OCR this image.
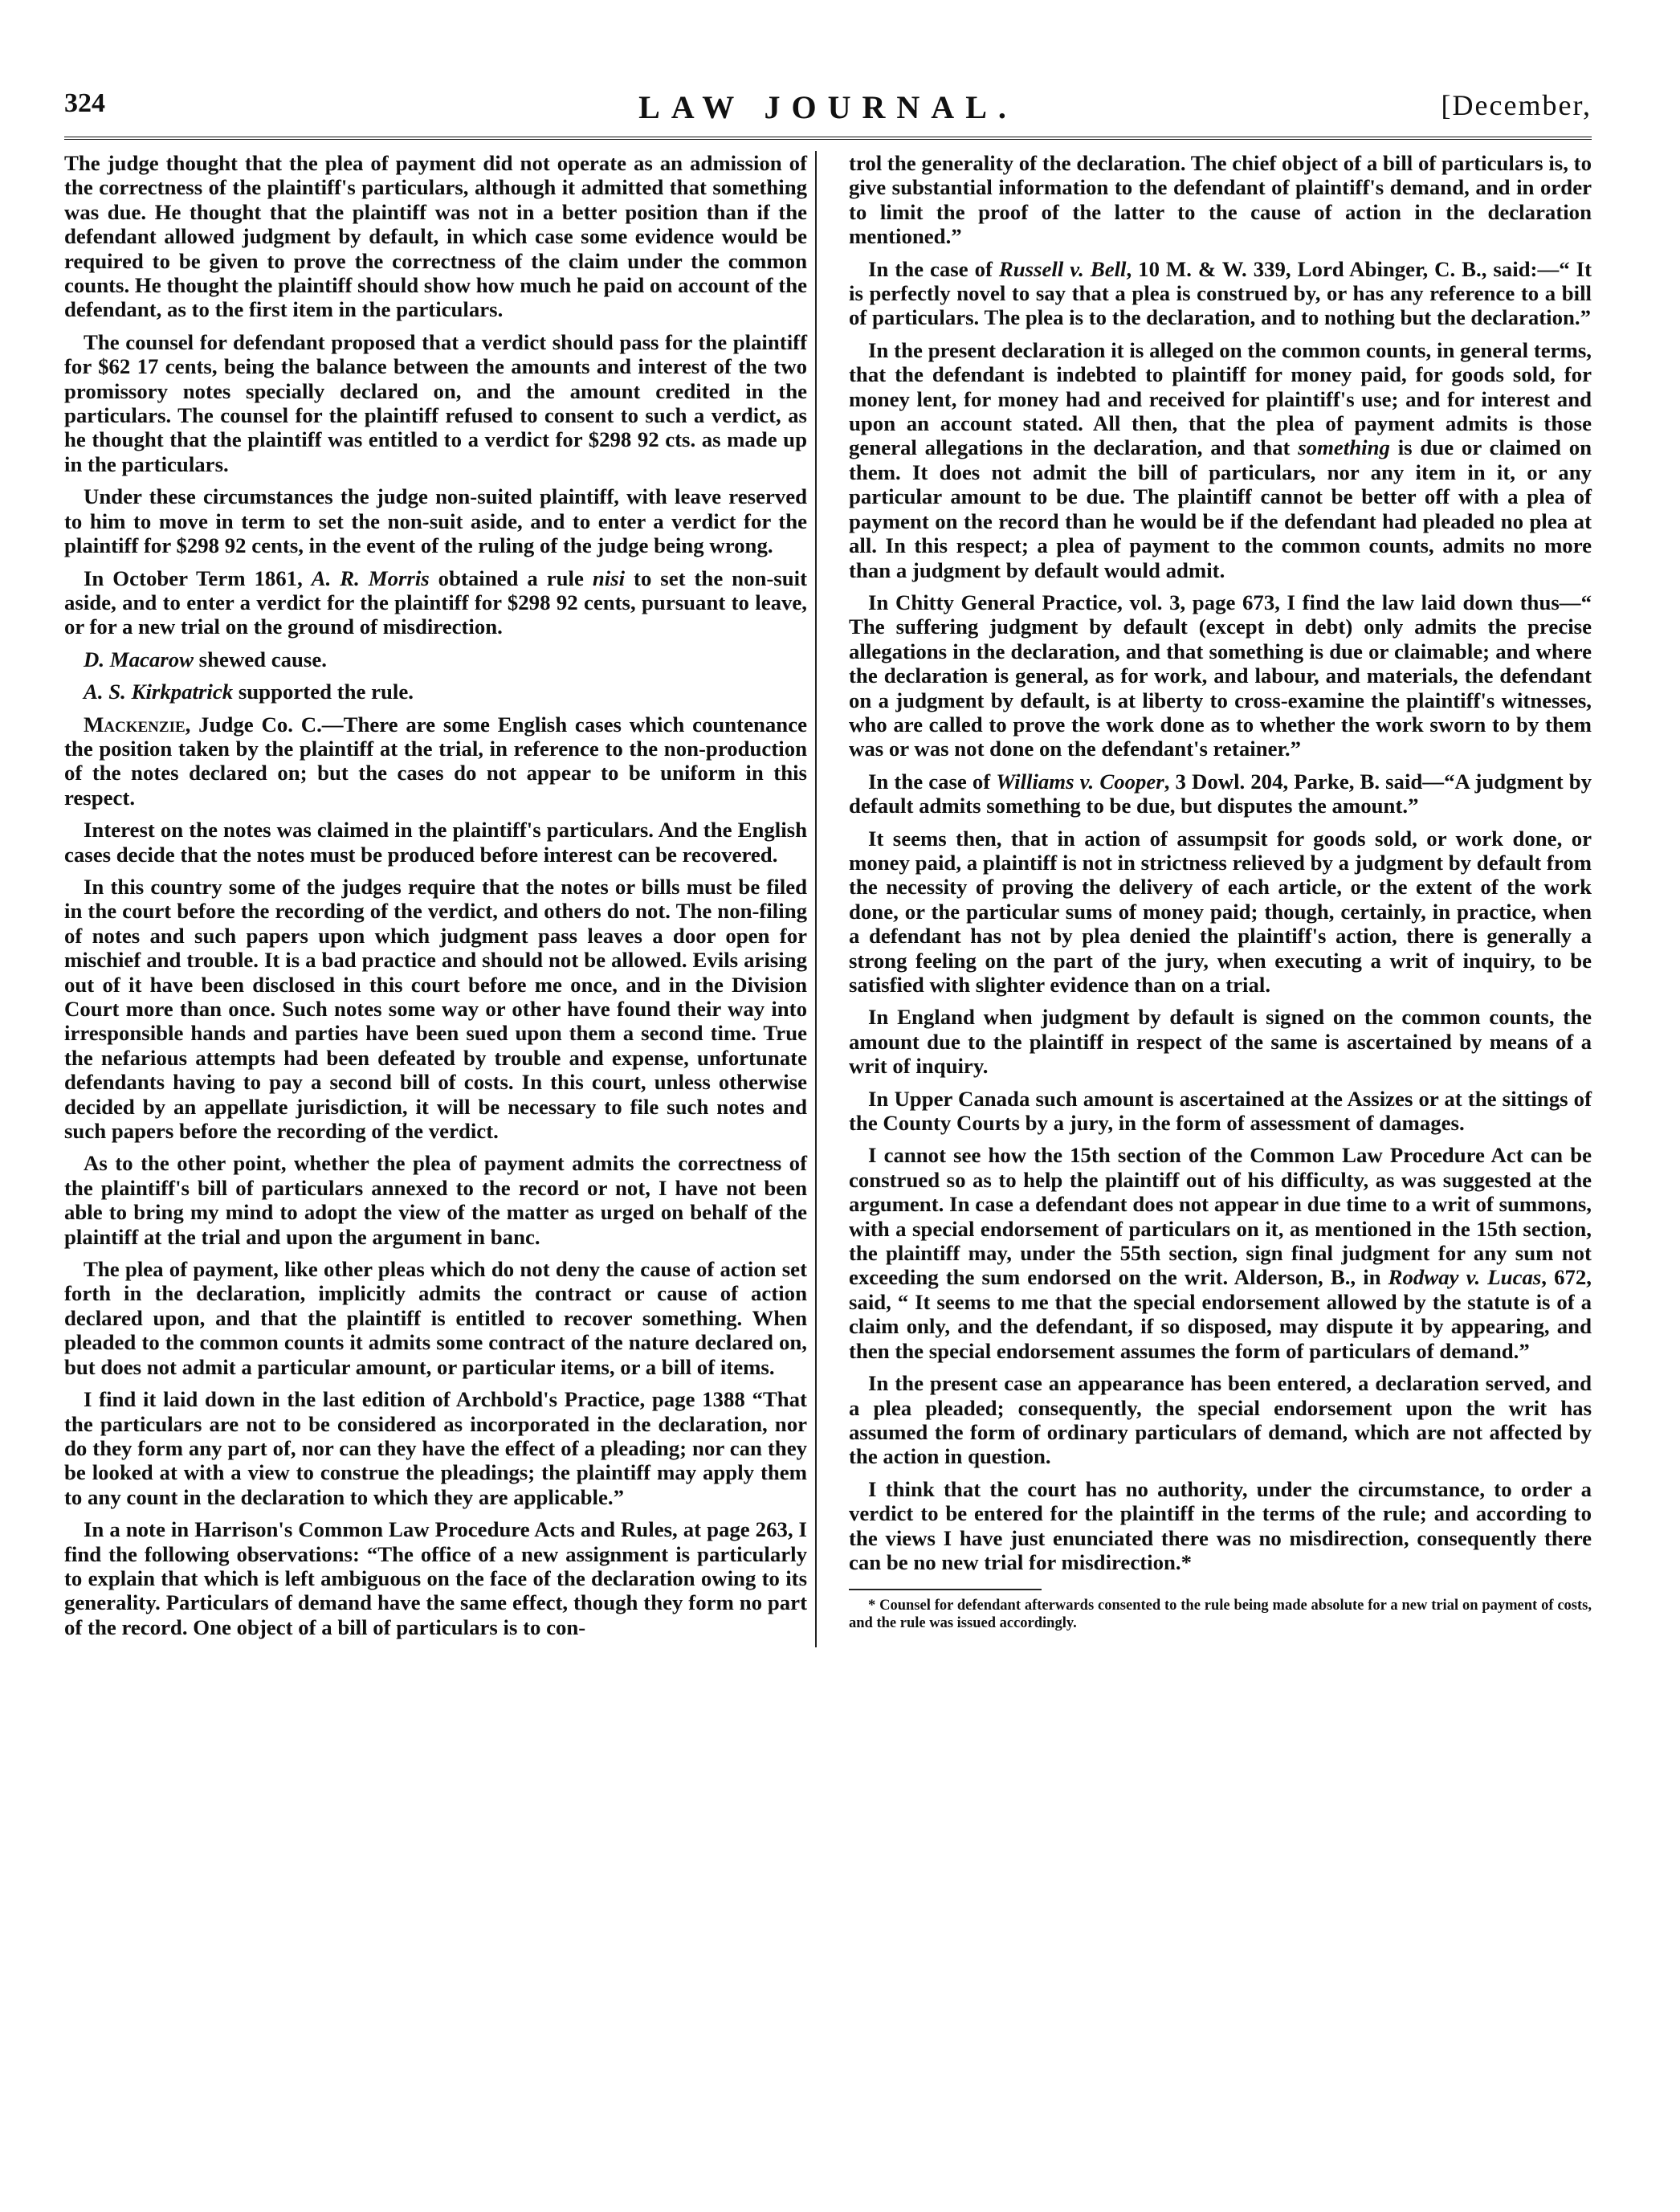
324	LAW JOURNAL.	[December,

The judge thought that the plea of payment did not operate as an admission of the correctness of the plaintiff's particulars, although it admitted that something was due. He thought that the plaintiff was not in a better position than if the defendant allowed judgment by default, in which case some evidence would be required to be given to prove the correctness of the claim under the common counts. He thought the plaintiff should show how much he paid on account of the defendant, as to the first item in the particulars.

The counsel for defendant proposed that a verdict should pass for the plaintiff for $62 17 cents, being the balance between the amounts and interest of the two promissory notes specially declared on, and the amount credited in the particulars. The counsel for the plaintiff refused to consent to such a verdict, as he thought that the plaintiff was entitled to a verdict for $298 92 cts. as made up in the particulars.

Under these circumstances the judge non-suited plaintiff, with leave reserved to him to move in term to set the non-suit aside, and to enter a verdict for the plaintiff for $298 92 cents, in the event of the ruling of the judge being wrong.

In October Term 1861, A. R. Morris obtained a rule nisi to set the non-suit aside, and to enter a verdict for the plaintiff for $298 92 cents, pursuant to leave, or for a new trial on the ground of misdirection.

D. Macarow shewed cause.

A. S. Kirkpatrick supported the rule.

Mackenzie, Judge Co. C.—There are some English cases which countenance the position taken by the plaintiff at the trial, in reference to the non-production of the notes declared on; but the cases do not appear to be uniform in this respect.

Interest on the notes was claimed in the plaintiff's particulars. And the English cases decide that the notes must be produced before interest can be recovered.

In this country some of the judges require that the notes or bills must be filed in the court before the recording of the verdict, and others do not. The non-filing of notes and such papers upon which judgment pass leaves a door open for mischief and trouble. It is a bad practice and should not be allowed. Evils arising out of it have been disclosed in this court before me once, and in the Division Court more than once. Such notes some way or other have found their way into irresponsible hands and parties have been sued upon them a second time. True the nefarious attempts had been defeated by trouble and expense, unfortunate defendants having to pay a second bill of costs. In this court, unless otherwise decided by an appellate jurisdiction, it will be necessary to file such notes and such papers before the recording of the verdict.

As to the other point, whether the plea of payment admits the correctness of the plaintiff's bill of particulars annexed to the record or not, I have not been able to bring my mind to adopt the view of the matter as urged on behalf of the plaintiff at the trial and upon the argument in banc.

The plea of payment, like other pleas which do not deny the cause of action set forth in the declaration, implicitly admits the contract or cause of action declared upon, and that the plaintiff is entitled to recover something. When pleaded to the common counts it admits some contract of the nature declared on, but does not admit a particular amount, or particular items, or a bill of items.

I find it laid down in the last edition of Archbold's Practice, page 1388 “That the particulars are not to be considered as incorporated in the declaration, nor do they form any part of, nor can they have the effect of a pleading; nor can they be looked at with a view to construe the pleadings; the plaintiff may apply them to any count in the declaration to which they are applicable.”

In a note in Harrison's Common Law Procedure Acts and Rules, at page 263, I find the following observations: “The office of a new assignment is particularly to explain that which is left ambiguous on the face of the declaration owing to its generality. Particulars of demand have the same effect, though they form no part of the record. One object of a bill of particulars is to con-

trol the generality of the declaration. The chief object of a bill of particulars is, to give substantial information to the defendant of plaintiff's demand, and in order to limit the proof of the latter to the cause of action in the declaration mentioned.”

In the case of Russell v. Bell, 10 M. & W. 339, Lord Abinger, C. B., said:—“ It is perfectly novel to say that a plea is construed by, or has any reference to a bill of particulars. The plea is to the declaration, and to nothing but the declaration.”

In the present declaration it is alleged on the common counts, in general terms, that the defendant is indebted to plaintiff for money paid, for goods sold, for money lent, for money had and received for plaintiff's use; and for interest and upon an account stated. All then, that the plea of payment admits is those general allegations in the declaration, and that something is due or claimed on them. It does not admit the bill of particulars, nor any item in it, or any particular amount to be due. The plaintiff cannot be better off with a plea of payment on the record than he would be if the defendant had pleaded no plea at all. In this respect; a plea of payment to the common counts, admits no more than a judgment by default would admit.

In Chitty General Practice, vol. 3, page 673, I find the law laid down thus—“ The suffering judgment by default (except in debt) only admits the precise allegations in the declaration, and that something is due or claimable; and where the declaration is general, as for work, and labour, and materials, the defendant on a judgment by default, is at liberty to cross-examine the plaintiff's witnesses, who are called to prove the work done as to whether the work sworn to by them was or was not done on the defendant's retainer.”

In the case of Williams v. Cooper, 3 Dowl. 204, Parke, B. said—“A judgment by default admits something to be due, but disputes the amount.”

It seems then, that in action of assumpsit for goods sold, or work done, or money paid, a plaintiff is not in strictness relieved by a judgment by default from the necessity of proving the delivery of each article, or the extent of the work done, or the particular sums of money paid; though, certainly, in practice, when a defendant has not by plea denied the plaintiff's action, there is generally a strong feeling on the part of the jury, when executing a writ of inquiry, to be satisfied with slighter evidence than on a trial.

In England when judgment by default is signed on the common counts, the amount due to the plaintiff in respect of the same is ascertained by means of a writ of inquiry.

In Upper Canada such amount is ascertained at the Assizes or at the sittings of the County Courts by a jury, in the form of assessment of damages.

I cannot see how the 15th section of the Common Law Procedure Act can be construed so as to help the plaintiff out of his difficulty, as was suggested at the argument. In case a defendant does not appear in due time to a writ of summons, with a special endorsement of particulars on it, as mentioned in the 15th section, the plaintiff may, under the 55th section, sign final judgment for any sum not exceeding the sum endorsed on the writ. Alderson, B., in Rodway v. Lucas, 672, said, “ It seems to me that the special endorsement allowed by the statute is of a claim only, and the defendant, if so disposed, may dispute it by appearing, and then the special endorsement assumes the form of particulars of demand.”

In the present case an appearance has been entered, a declaration served, and a plea pleaded; consequently, the special endorsement upon the writ has assumed the form of ordinary particulars of demand, which are not affected by the action in question.

I think that the court has no authority, under the circumstance, to order a verdict to be entered for the plaintiff in the terms of the rule; and according to the views I have just enunciated there was no misdirection, consequently there can be no new trial for misdirection.*

* Counsel for defendant afterwards consented to the rule being made absolute for a new trial on payment of costs, and the rule was issued accordingly.
